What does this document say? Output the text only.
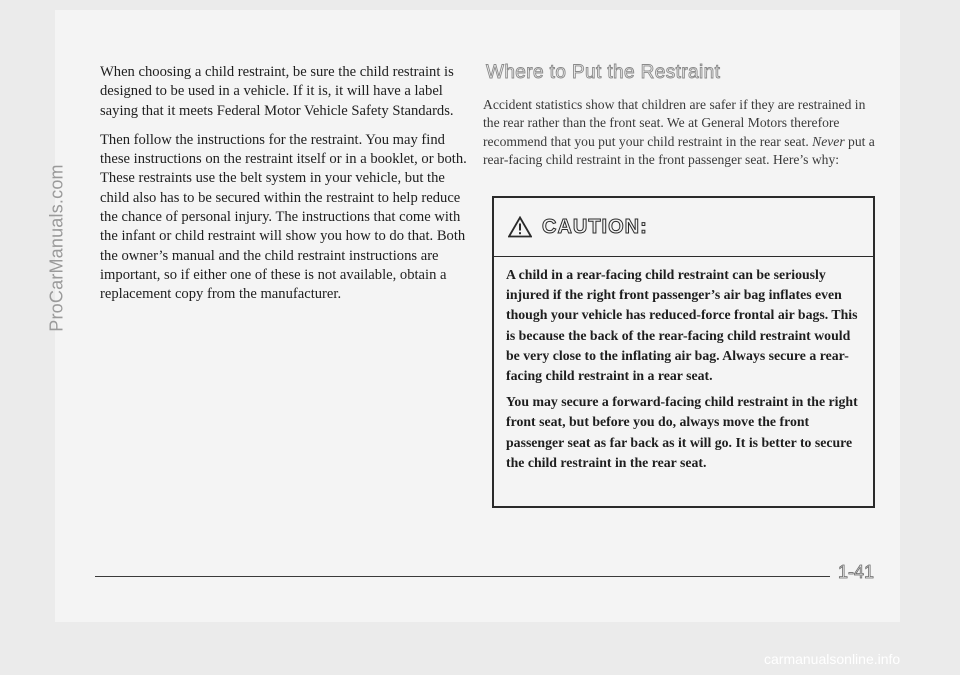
ProCarManuals.com

When choosing a child restraint, be sure the child restraint is designed to be used in a vehicle. If it is, it will have a label saying that it meets Federal Motor Vehicle Safety Standards.

Then follow the instructions for the restraint. You may find these instructions on the restraint itself or in a booklet, or both. These restraints use the belt system in your vehicle, but the child also has to be secured within the restraint to help reduce the chance of personal injury. The instructions that come with the infant or child restraint will show you how to do that. Both the owner’s manual and the child restraint instructions are important, so if either one of these is not available, obtain a replacement copy from the manufacturer.

Where to Put the Restraint

Accident statistics show that children are safer if they are restrained in the rear rather than the front seat. We at General Motors therefore recommend that you put your child restraint in the rear seat. Never put a rear-facing child restraint in the front passenger seat. Here’s why:

CAUTION:

A child in a rear-facing child restraint can be seriously injured if the right front passenger’s air bag inflates even though your vehicle has reduced-force frontal air bags. This is because the back of the rear-facing child restraint would be very close to the inflating air bag. Always secure a rear-facing child restraint in a rear seat.

You may secure a forward-facing child restraint in the right front seat, but before you do, always move the front passenger seat as far back as it will go. It is better to secure the child restraint in the rear seat.

1-41
carmanualsonline.info
